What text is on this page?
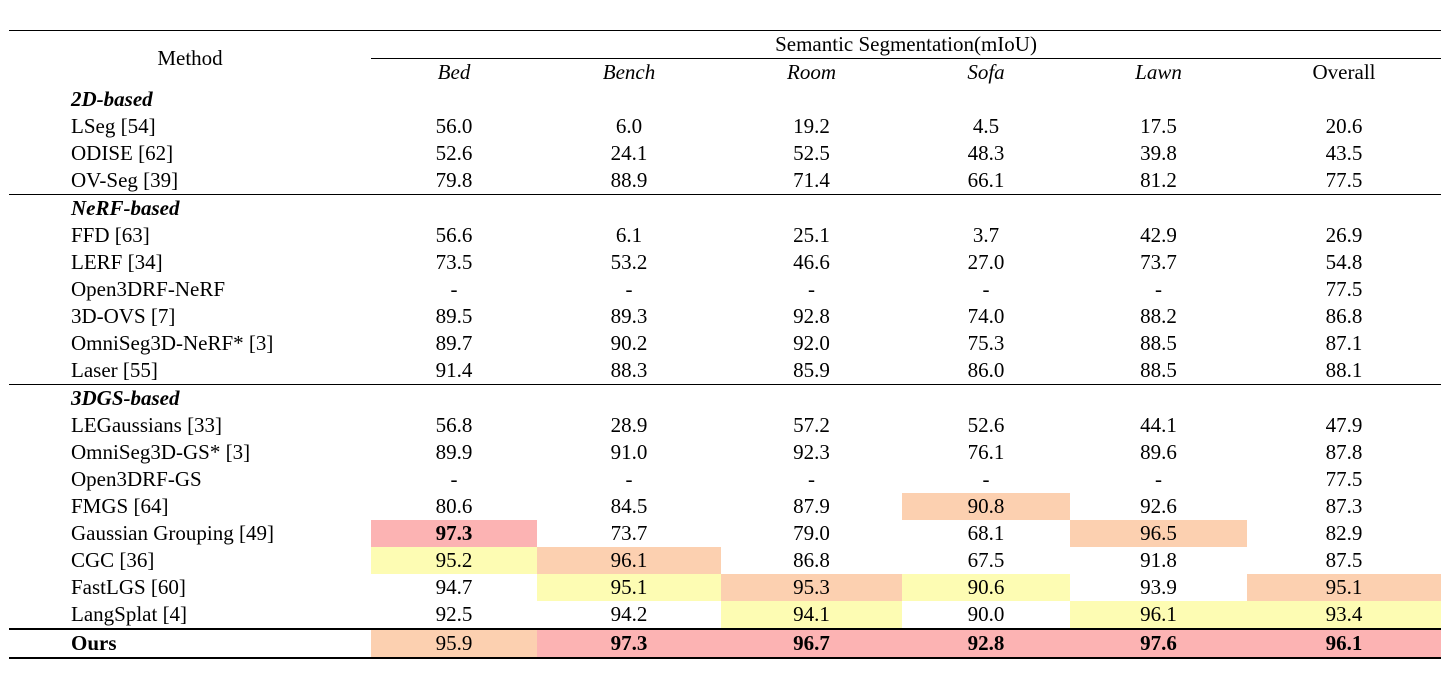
Method	Semantic Segmentation(mIoU)					
	Bed	Bench	Room	Sofa	Lawn	Overall
2D-based						
LSeg [54]	56.0	6.0	19.2	4.5	17.5	20.6
ODISE [62]	52.6	24.1	52.5	48.3	39.8	43.5
OV-Seg [39]	79.8	88.9	71.4	66.1	81.2	77.5
NeRF-based						
FFD [63]	56.6	6.1	25.1	3.7	42.9	26.9
LERF [34]	73.5	53.2	46.6	27.0	73.7	54.8
Open3DRF-NeRF	-	-	-	-	-	77.5
3D-OVS [7]	89.5	89.3	92.8	74.0	88.2	86.8
OmniSeg3D-NeRF* [3]	89.7	90.2	92.0	75.3	88.5	87.1
Laser [55]	91.4	88.3	85.9	86.0	88.5	88.1
3DGS-based						
LEGaussians [33]	56.8	28.9	57.2	52.6	44.1	47.9
OmniSeg3D-GS* [3]	89.9	91.0	92.3	76.1	89.6	87.8
Open3DRF-GS	-	-	-	-	-	77.5
FMGS [64]	80.6	84.5	87.9	90.8	92.6	87.3
Gaussian Grouping [49]	97.3	73.7	79.0	68.1	96.5	82.9
CGC [36]	95.2	96.1	86.8	67.5	91.8	87.5
FastLGS [60]	94.7	95.1	95.3	90.6	93.9	95.1
LangSplat [4]	92.5	94.2	94.1	90.0	96.1	93.4
Ours	95.9	97.3	96.7	92.8	97.6	96.1
